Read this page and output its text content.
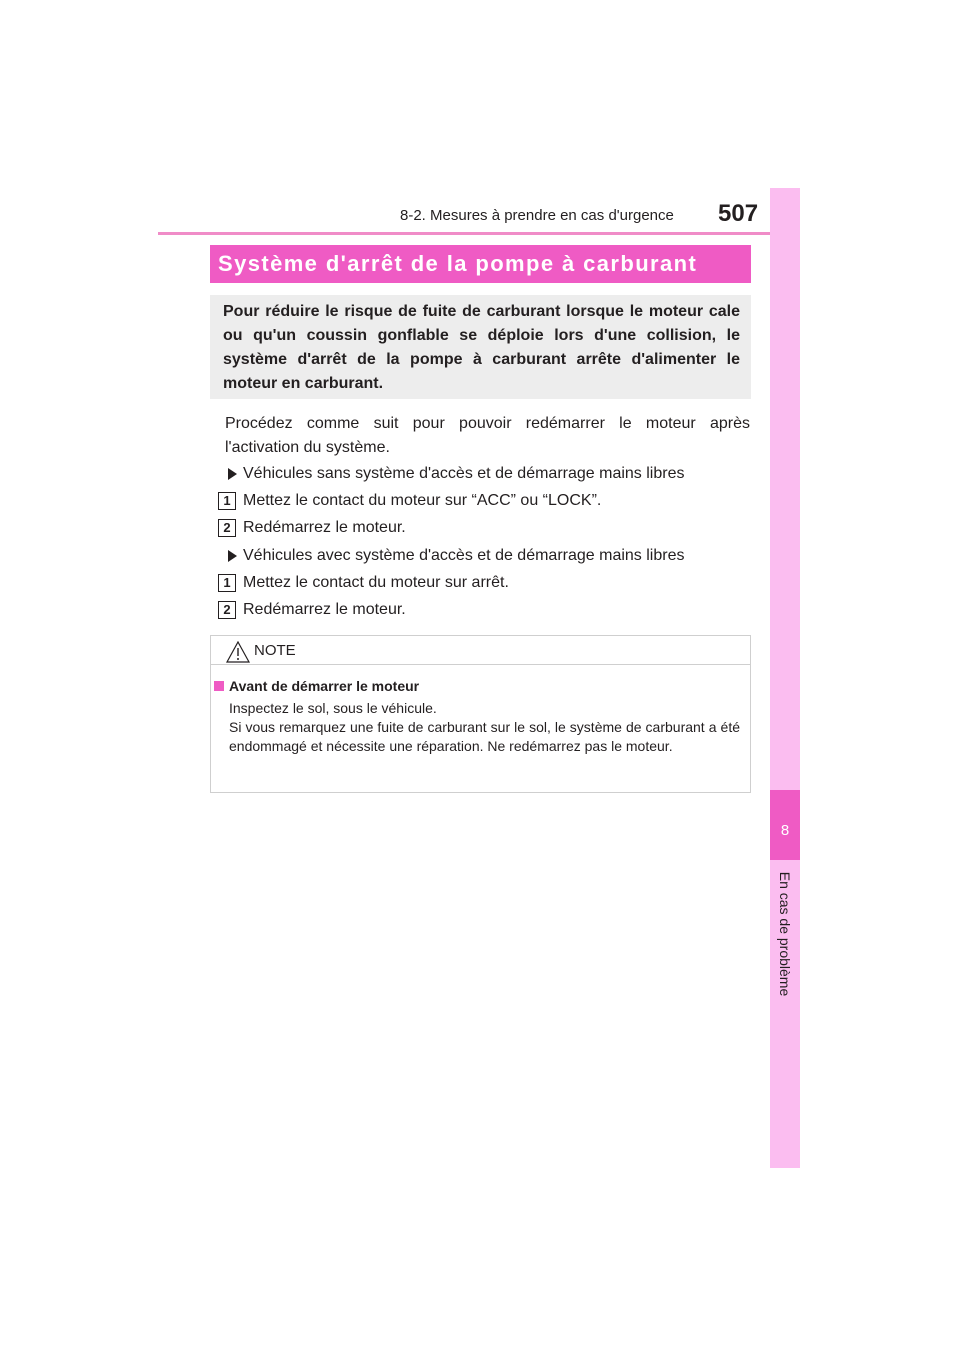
8-2. Mesures à prendre en cas d'urgence 507
8
En cas de problème
Système d'arrêt de la pompe à carburant
Pour réduire le risque de fuite de carburant lorsque le moteur cale ou qu'un coussin gonflable se déploie lors d'une collision, le système d'arrêt de la pompe à carburant arrête d'alimenter le moteur en carburant.
Procédez comme suit pour pouvoir redémarrer le moteur après l'activation du système.
Véhicules sans système d'accès et de démarrage mains libres
1 Mettez le contact du moteur sur “ACC” ou “LOCK”.
2 Redémarrez le moteur.
Véhicules avec système d'accès et de démarrage mains libres
1 Mettez le contact du moteur sur arrêt.
2 Redémarrez le moteur.
NOTE
Avant de démarrer le moteur

Inspectez le sol, sous le véhicule.

Si vous remarquez une fuite de carburant sur le sol, le système de carburant a été endommagé et nécessite une réparation. Ne redémarrez pas le moteur.
